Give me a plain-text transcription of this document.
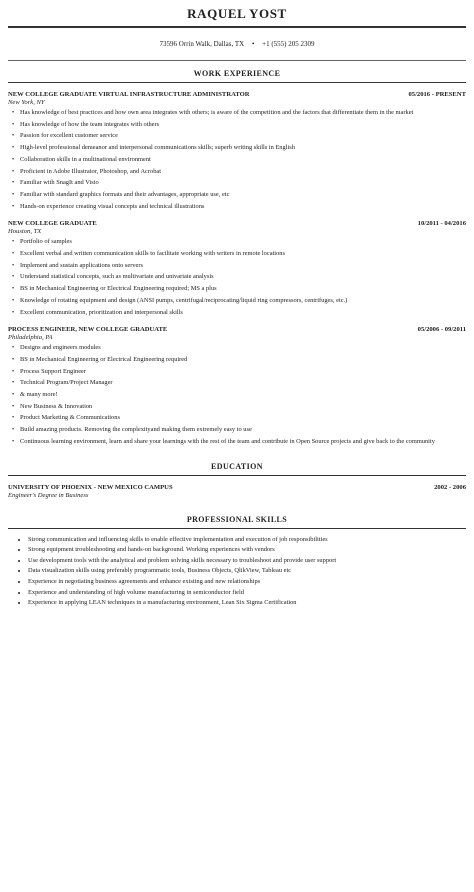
RAQUEL YOST
73596 Orrin Walk, Dallas, TX • +1 (555) 205 2309
WORK EXPERIENCE
NEW COLLEGE GRADUATE VIRTUAL INFRASTRUCTURE ADMINISTRATOR	05/2016 - PRESENT
New York, NY
• Has knowledge of best practices and how own area integrates with others; is aware of the competition and the factors that differentiate them in the market
• Has knowledge of how the team integrates with others
• Passion for excellent customer service
• High-level professional demeanor and interpersonal communications skills; superb writing skills in English
• Collaboration skills in a multinational environment
• Proficient in Adobe Illustrator, Photoshop, and Acrobat
• Familiar with SnagIt and Visio
• Familiar with standard graphics formats and their advantages, appropriate use, etc
• Hands-on experience creating visual concepts and technical illustrations
NEW COLLEGE GRADUATE	10/2011 - 04/2016
Houston, TX
• Portfolio of samples
• Excellent verbal and written communication skills to facilitate working with writers in remote locations
• Implement and sustain applications onto servers
• Understand statistical concepts, such as multivariate and univariate analysis
• BS in Mechanical Engineering or Electrical Engineering required; MS a plus
• Knowledge of rotating equipment and design (ANSI pumps, centrifugal/reciprocating/liquid ring compressors, centrifuges, etc.)
• Excellent communication, prioritization and interpersonal skills
PROCESS ENGINEER, NEW COLLEGE GRADUATE	05/2006 - 09/2011
Philadelphia, PA
• Designs and engineers modules
• BS in Mechanical Engineering or Electrical Engineering required
• Process Support Engineer
• Technical Program/Project Manager
• & many more!
• New Business & Innovation
• Product Marketing & Communications
• Build amazing products. Removing the complexityand making them extremely easy to use
• Continuous learning environment, learn and share your learnings with the rest of the team and contribute in Open Source projects and give back to the community
EDUCATION
UNIVERSITY OF PHOENIX - NEW MEXICO CAMPUS	2002 - 2006
Engineer's Degree in Business
PROFESSIONAL SKILLS
• Strong communication and influencing skills to enable effective implementation and execution of job responsibilities
• Strong equipment troubleshooting and hands-on background. Working experiences with vendors
• Use development tools with the analytical and problem solving skills necessary to troubleshoot and provide user support
• Data visualization skills using preferably programmatic tools, Business Objects, QlikView, Tableau etc
• Experience in negotiating business agreements and enhance existing and new relationships
• Experience and understanding of high volume manufacturing in semiconductor field
• Experience in applying LEAN techniques in a manufacturing environment, Lean Six Sigma Certification
